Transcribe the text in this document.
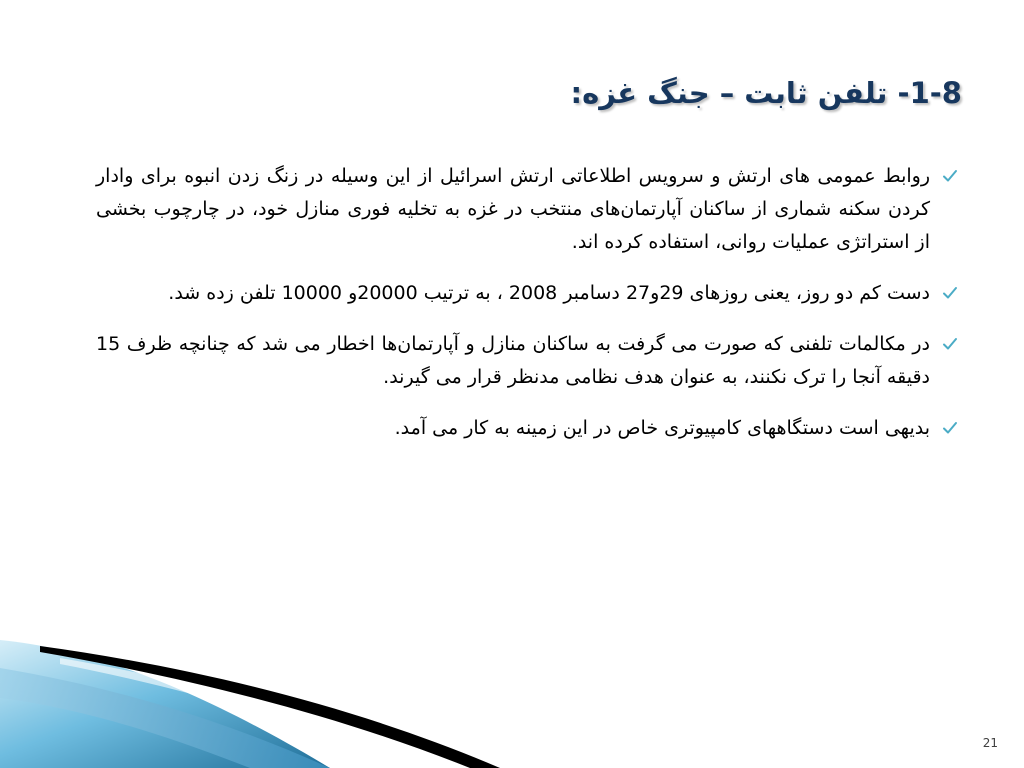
1-8- تلفن ثابت – جنگ غزه:
روابط عمومی های ارتش و سرویس اطلاعاتی ارتش اسرائیل از این وسیله در زنگ زدن انبوه برای وادار کردن سکنه شماری از ساکنان آپارتمان‌های منتخب در غزه به تخلیه فوری منازل خود، در چارچوب بخشی از استراتژی عملیات روانی، استفاده کرده اند.
دست کم دو روز، یعنی روزهای 29و27 دسامبر 2008 ، به ترتیب 20000و 10000 تلفن زده شد.
در مکالمات تلفنی که صورت می گرفت به ساکنان منازل و آپارتمان‌ها اخطار می شد که چنانچه ظرف 15 دقیقه آنجا را ترک نکنند، به عنوان هدف نظامی مدنظر قرار می گیرند.
بدیهی است دستگاههای کامپیوتری خاص در این زمینه به کار می آمد.
21
